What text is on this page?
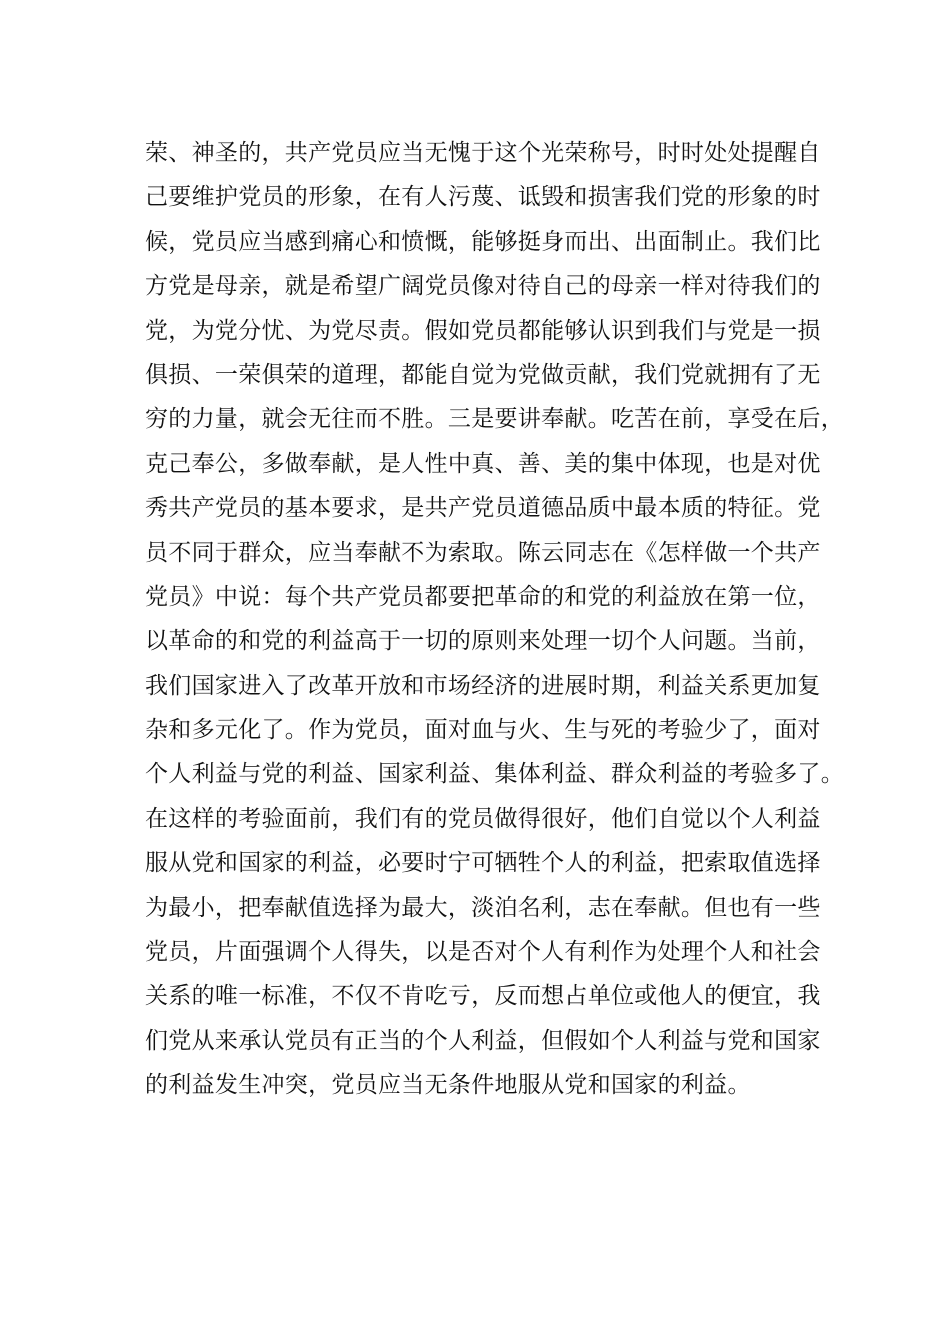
荣、神圣的，共产党员应当无愧于这个光荣称号，时时处处提醒自
己要维护党员的形象，在有人污蔑、诋毁和损害我们党的形象的时
候，党员应当感到痛心和愤慨，能够挺身而出、出面制止。我们比
方党是母亲，就是希望广阔党员像对待自己的母亲一样对待我们的
党，为党分忧、为党尽责。假如党员都能够认识到我们与党是一损
俱损、一荣俱荣的道理，都能自觉为党做贡献，我们党就拥有了无
穷的力量，就会无往而不胜。三是要讲奉献。吃苦在前，享受在后，
克己奉公，多做奉献，是人性中真、善、美的集中体现，也是对优
秀共产党员的基本要求，是共产党员道德品质中最本质的特征。党
员不同于群众，应当奉献不为索取。陈云同志在《怎样做一个共产
党员》中说：每个共产党员都要把革命的和党的利益放在第一位，
以革命的和党的利益高于一切的原则来处理一切个人问题。当前，
我们国家进入了改革开放和市场经济的进展时期，利益关系更加复
杂和多元化了。作为党员，面对血与火、生与死的考验少了，面对
个人利益与党的利益、国家利益、集体利益、群众利益的考验多了。
在这样的考验面前，我们有的党员做得很好，他们自觉以个人利益
服从党和国家的利益，必要时宁可牺牲个人的利益，把索取值选择
为最小，把奉献值选择为最大，淡泊名利，志在奉献。但也有一些
党员，片面强调个人得失，以是否对个人有利作为处理个人和社会
关系的唯一标准，不仅不肯吃亏，反而想占单位或他人的便宜，我
们党从来承认党员有正当的个人利益，但假如个人利益与党和国家
的利益发生冲突，党员应当无条件地服从党和国家的利益。
